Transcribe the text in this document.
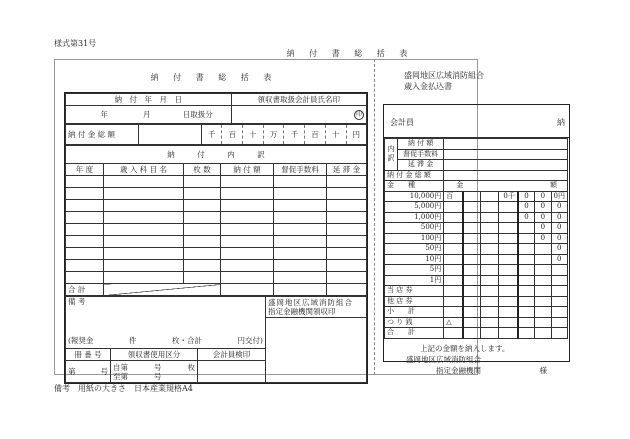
様式第31号
納 付 書 総 括 表
納 付 書 総 括 表
納　付　年　月　日	領収書取扱会計員氏名印
年 月 日取扱分	印
納 付 金 総 額			千	百	十	万	千	百	十	円
納　　　付　　　内　　　訳					
年 度	歳 入 科 目 名	枚 数	納 付 額	督促手数料	延 滞 金

合 計					
備 考
(報奨金	件	枚・合計	円交付)

盛岡地区広域消防組合
指定金融機関領収印

冊 番 号	領収書使用区分	会計員検印	
第	号	自第	号	枚
至第	号

盛岡地区広域消防組合
歳入金払込書
会計員	納
内訳	納 付 額							
	督促手数料							
	延 滞 金							
納 付 金 総 額								
金　　種		金 額						

10,000円		百			0千	0	0	0円
5,000円						0	0	0
1,000円						0	0	0
500円							0	0
100円							0	0
50円								0
10円								0
5円								
1円								
当 店 券								
他 店 券								
小　　計								
つ り 銭		△						
合　　計								
上記の金額を納入します。
盛岡地区広域消防組合
指定金融機関	様
備考　用紙の大きさ　日本産業規格A4
